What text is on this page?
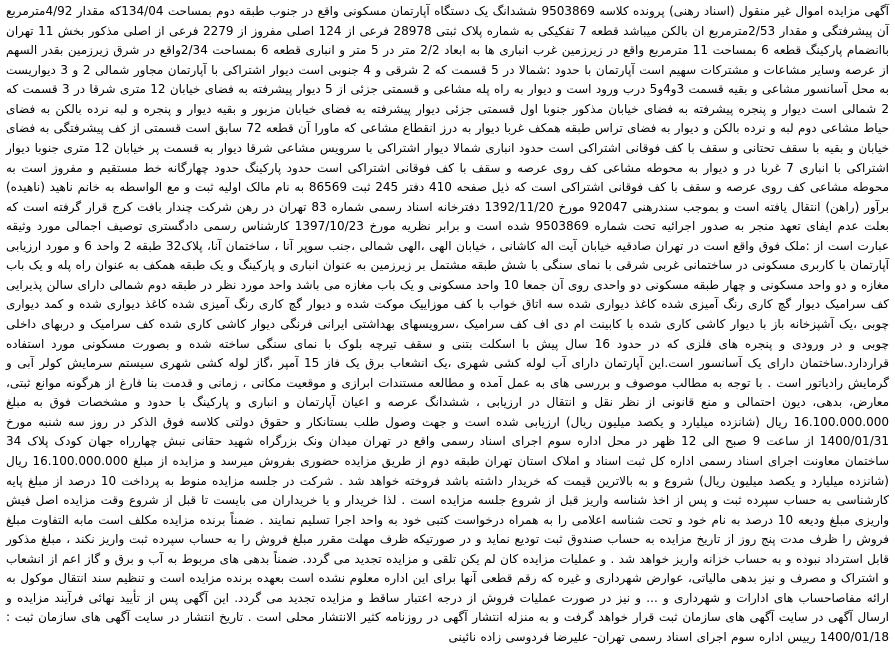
آگهی مزایده اموال غیر منقول (اسناد رهنی) پرونده کلاسه 9503869 ششدانگ یک دستگاه آپارتمان مسکونی واقع در جنوب طبقه دوم بمساحت 134/04که مقدار 4/92مترمربع آن پیشرفتگی و مقدار 2/53مترمربع ان بالکن میباشد قطعه 7 تفکیکی به شماره پلاک ثبتی 28978 فرعی از 124 اصلی مفروز از 2279 فرعی از اصلی مذکور بخش 11 تهران باانضمام پارکینگ قطعه 6 بمساحت 11 مترمربع واقع در زیرزمین غرب انباری ها به ابعاد 2/2 متر در 5 متر و انباری قطعه 6 بمساحت 2/34واقع در شرق زیرزمین بقدر السهم از عرصه وسایر مشاعات و مشترکات سهیم است آپارتمان با حدود :شمالا در 5 قسمت که 2 شرقی و 4 جنوبی است دیوار اشتراکی با آپارتمان مجاور شمالی 2 و 3 دیواریست به محل آسانسور مشاعی و بقیه قسمت 3و4و5 درب ورود است و دیوار به راه پله مشاعی و قسمتی جزئی از 5 دیوار پیشرفته به فضای خیابان 12 متری شرقا در 3 قسمت که 2 شمالی است دیوار و پنجره پیشرفته به فضای خیابان مذکور جنوبا اول قسمتی جزئی دیوار پیشرفته به فضای خیابان مزبور و بقیه دیوار و پنجره و لبه نرده بالکن به فضای حیاط مشاعی دوم لبه و نرده بالکن و دیوار به فضای تراس طبقه همکف غربا دیوار به درز انقطاع مشاعی که ماورا آن قطعه 72 سابق است قسمتی از کف پیشرفتگی به فضای خیابان و بقیه با سقف تحتانی و سقف با کف فوقانی اشتراکی است حدود انباری شمالا دیوار اشتراکی با سرویس مشاعی شرقا دیوار به قسمت پر خیابان 12 متری جنوبا دیوار اشتراکی با انباری 7 غربا در و دیوار به محوطه مشاعی کف روی عرصه و سقف با کف فوقانی اشتراکی است حدود پارکینگ حدود چهارگانه خط مستقیم و مفروز است به محوطه مشاعی کف روی عرصه و سقف با کف فوقانی اشتراکی است که ذیل صفحه 410 دفتر 245 ثبت 86569 به نام مالک اولیه ثبت و مع الواسطه به خانم ناهید (ناهیده) برآور (راهن) انتقال یافته است و بموجب سندرهنی 92047 مورخ 1392/11/20 دفترخانه اسناد رسمی شماره 83 تهران در رهن شرکت چندار بافت کرج قرار گرفته است که بعلت عدم ایفای تعهد منجر به صدور اجرائیه تحت شماره 9503869 شده است و برابر نظریه مورخ 1397/10/23 کارشناس رسمی دادگستری توصیف اجمالی مورد وثیقه عبارت است از :ملک فوق واقع است در تهران صادقیه خیابان آیت اله کاشانی ، خیابان الهی ،الهی شمالی ،جنب سوپر آنا ، ساختمان آنا، پلاک32 طبقه 2 واحد 6 و مورد ارزیابی آپارتمان با کاربری مسکونی در ساختمانی غربی شرقی با نمای سنگی با شش طبقه مشتمل بر زیرزمین به عنوان انباری و پارکینگ و یک طبقه همکف به عنوان راه پله و یک باب مغازه و دو واحد مسکونی و چهار طبقه مسکونی دو واحدی روی آن جمعا 10 واحد مسکونی و یک باب مغازه می باشد واحد مورد نظر در طبقه دوم شمالی دارای سالن پذیرایی کف سرامیک دیوار گچ کاری رنگ آمیزی شده کاغذ دیواری شده سه اتاق خواب با کف موزاییک موکت شده و دیوار گچ کاری رنگ آمیزی شده کاغذ دیواری شده و کمد دیواری چوبی ،یک آشپزخانه باز با دیوار کاشی کاری شده با کابینت ام دی اف کف سرامیک ،سرویسهای بهداشتی ایرانی فرنگی دیوار کاشی کاری شده کف سرامیک و دربهای داخلی چوبی و در ورودی و پنجره های فلزی که در حدود 16 سال پیش با اسکلت بتنی و سقف تیرچه بلوک با نمای سنگی ساخته شده و بصورت مسکونی مورد استفاده قراردارد.ساختمان دارای یک آسانسور است.این آپارتمان دارای آب لوله کشی شهری ،یک انشعاب برق یک فاز 15 آمپر ،گاز لوله کشی شهری سیستم سرمایش کولر آبی و گرمایش رادیاتور است . با توجه به مطالب موصوف و بررسی های به عمل آمده و مطالعه مستندات ابرازی و موقعیت مکانی ، زمانی و قدمت بنا فارغ از هرگونه موانع ثبتی، معارض، بدهی، دیون احتمالی و منع قانونی از نظر نقل و انتقال در ارزیابی ، ششدانگ عرصه و اعیان آپارتمان و انباری و پارکینگ با حدود و مشخصات فوق به مبلغ 16.100.000.000 ریال (شانزده میلیارد و یکصد میلیون ریال) ارزیابی شده است و جهت وصول طلب بستانکار و حقوق دولتی کلاسه فوق الذکر در روز سه شنبه مورخ 1400/01/31 از ساعت 9 صبح الی 12 ظهر در محل اداره سوم اجرای اسناد رسمی واقع در تهران میدان ونک بزرگراه شهید حقانی نبش چهارراه جهان کودک پلاک 34 ساختمان معاونت اجرای اسناد رسمی اداره کل ثبت اسناد و املاک استان تهران طبقه دوم از طریق مزایده حضوری بفروش میرسد و مزایده از مبلغ 16.100.000.000 ریال (شانزده میلیارد و یکصد میلیون ریال) شروع و به بالاترین قیمت که خریدار داشته باشد فروخته خواهد شد . شرکت در جلسه مزایده منوط به پرداخت 10 درصد از مبلغ پایه کارشناسی به حساب سپرده ثبت و پس از اخذ شناسه واریز قبل از شروع جلسه مزایده است . لذا خریدار و یا خریداران می بایست تا قبل از شروع وقت مزایده اصل فیش واریزی مبلغ ودیعه 10 درصد به نام خود و تحت شناسه اعلامی را به همراه درخواست کتبی خود به واحد اجرا تسلیم نمایند . ضمناً برنده مزایده مکلف است مابه التفاوت مبلغ فروش را ظرف مدت پنج روز از تاریخ مزایده به حساب صندوق ثبت توديع نمايد و در صورتیکه ظرف مهلت مقرر مبلغ فروش را به حساب سپرده ثبت واریز نکند ، مبلغ مذکور قابل استرداد نبوده و به حساب خزانه واریز خواهد شد . و عملیات مزایده کان لم یکن تلقی و مزایده تجدید می گردد. ضمناً بدهی های مربوط به آب و برق و گاز اعم از انشعاب و اشتراک و مصرف و نیز بدهی مالیاتی، عوارض شهرداری و غیره که رقم قطعی آنها برای این اداره معلوم نشده است بعهده برنده مزایده است و تنظیم سند انتقال موکول به ارائه مفاصاحساب های ادارات و شهرداری و ... و نیز در صورت عملیات فروش از درجه اعتبار ساقط و مزایده تجدید می گردد. این آگهی پس از تأیید نهائی فرآیند مزایده و ارسال آگهی در سایت آگهی های سازمان ثبت قرار خواهد گرفت و به منزله انتشار آگهی در روزنامه کثیر الانتشار محلی است . تاریخ انتشار در سایت آگهی های سازمان ثبت : 1400/01/18 رییس اداره سوم اجرای اسناد رسمی تهران- علیرضا فردوسی زاده نائینی
